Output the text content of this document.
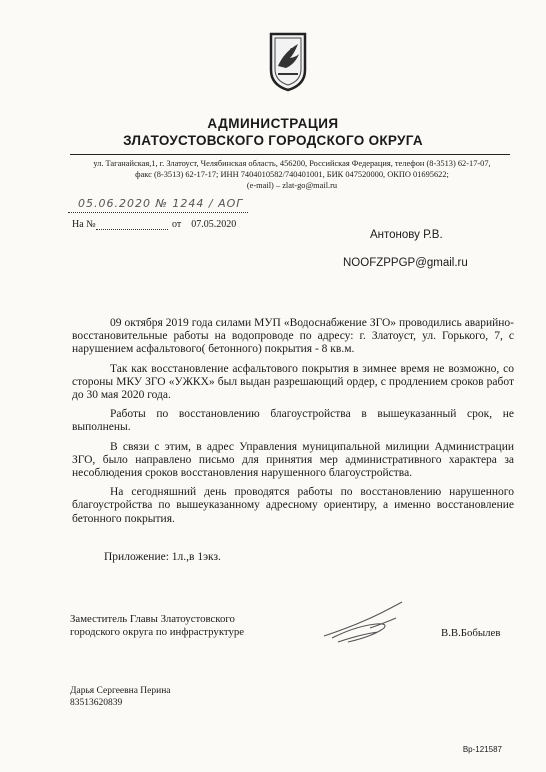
АДМИНИСТРАЦИЯ
ЗЛАТОУСТОВСКОГО ГОРОДСКОГО ОКРУГА
ул. Таганайская,1, г. Златоуст, Челябинская область, 456200, Российская Федерация, телефон (8-3513) 62-17-07,
факс (8-3513) 62-17-17; ИНН 7404010582/740401001, БИК 047520000, ОКПО 01695622;
(e-mail) – zlat-go@mail.ru
05.06.2020 № 1244 / АОГ
На №	от 07.05.2020
Антонову Р.В.
NOOFZPPGP@gmail.ru

09 октября 2019 года силами МУП «Водоснабжение ЗГО» проводились аварийно-восстановительные работы на водопроводе по адресу: г. Златоуст, ул. Горького, 7, с нарушением асфальтового( бетонного) покрытия - 8 кв.м.

Так как восстановление асфальтового покрытия в зимнее время не возможно, со стороны МКУ ЗГО «УЖКХ» был выдан разрешающий ордер, с продлением сроков работ до 30 мая 2020 года.

Работы по восстановлению благоустройства в вышеуказанный срок, не выполнены.

В связи с этим, в адрес Управления муниципальной милиции Администрации ЗГО, было направлено письмо для принятия мер административного характера за несоблюдения сроков восстановления нарушенного благоустройства.

На сегодняшний день проводятся работы по восстановлению нарушенного благоустройства по вышеуказанному адресному ориентиру, а именно восстановление бетонного покрытия.

Приложение: 1л.,в 1экз.
Заместитель Главы Златоустовского
городского округа по инфраструктуре	В.В.Бобылев
Дарья Сергеевна Перина
83513620839
Вр-121587
